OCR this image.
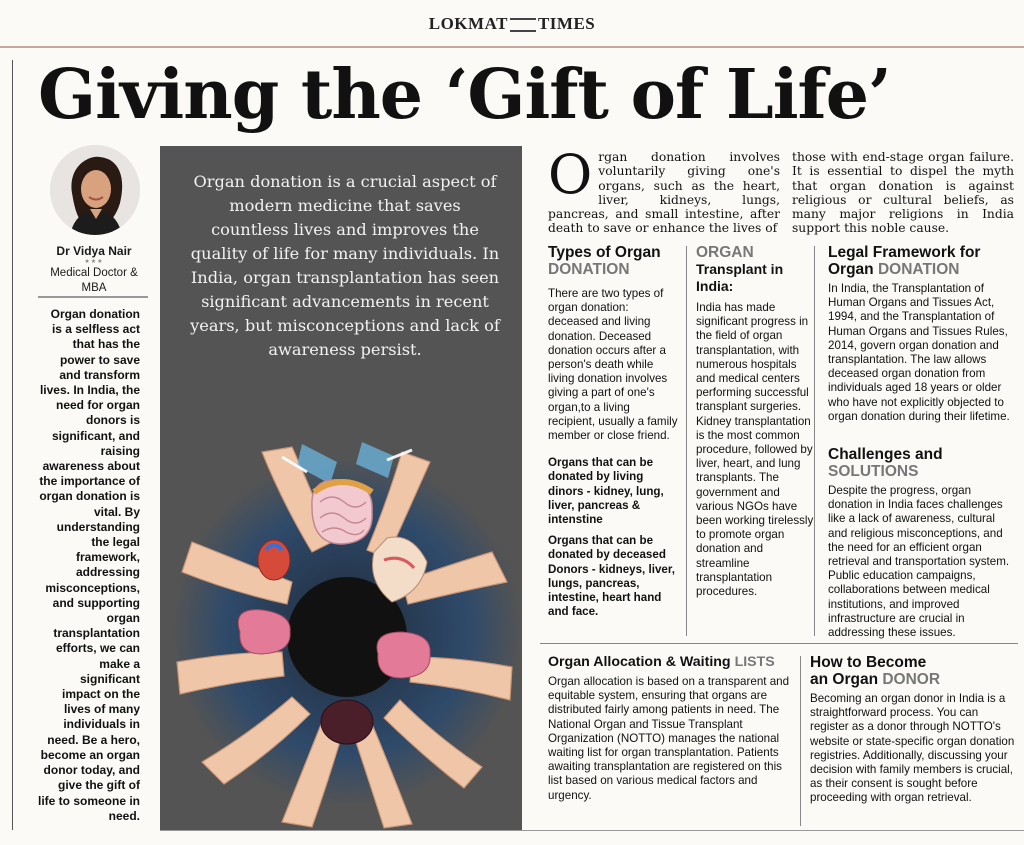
LOKMAT TIMES
Giving the ‘Gift of Life’
Dr Vidya Nair
★★★
Medical Doctor & MBA
Organ donation is a selfless act that has the power to save and transform lives. In India, the need for organ donors is significant, and raising awareness about the importance of organ donation is vital. By understanding the legal framework, addressing misconceptions, and supporting organ transplantation efforts, we can make a significant impact on the lives of many individuals in need. Be a hero, become an organ donor today, and give the gift of life to someone in need.
Organ donation is a crucial aspect of modern medicine that saves countless lives and improves the quality of life for many individuals. In India, organ transplantation has seen significant advancements in recent years, but misconceptions and lack of awareness persist.
Organ donation involves voluntarily giving one's organs, such as the heart, liver, kidneys, lungs, pancreas, and small intestine, after death to save or enhance the lives of
those with end-stage organ failure. It is essential to dispel the myth that organ donation is against religious or cultural beliefs, as many major religions in India support this noble cause.
Types of Organ
DONATION
There are two types of organ donation: deceased and living donation. Deceased donation occurs after a person's death while living donation involves giving a part of one's organ,to a living recipient, usually a family member or close friend.
Organs that can be donated by living dinors - kidney, lung, liver, pancreas & intenstine
Organs that can be donated by deceased Donors - kidneys, liver, lungs, pancreas, intestine, heart hand and face.
ORGAN
Transplant in India:
India has made significant progress in the field of organ transplantation, with numerous hospitals and medical centers performing successful transplant surgeries. Kidney transplantation is the most common procedure, followed by liver, heart, and lung transplants. The government and various NGOs have been working tirelessly to promote organ donation and streamline transplantation procedures.
Legal Framework for
Organ DONATION
In India, the Transplantation of Human Organs and Tissues Act, 1994, and the Transplantation of Human Organs and Tissues Rules, 2014, govern organ donation and transplantation. The law allows deceased organ donation from individuals aged 18 years or older who have not explicitly objected to organ donation during their lifetime.
Challenges and
SOLUTIONS
Despite the progress, organ donation in India faces challenges like a lack of awareness, cultural and religious misconceptions, and the need for an efficient organ retrieval and transportation system. Public education campaigns, collaborations between medical institutions, and improved infrastructure are crucial in addressing these issues.
Organ Allocation & Waiting LISTS
Organ allocation is based on a transparent and equitable system, ensuring that organs are distributed fairly among patients in need. The National Organ and Tissue Transplant Organization (NOTTO) manages the national waiting list for organ transplantation. Patients awaiting transplantation are registered on this list based on various medical factors and urgency.
How to Become
an Organ DONOR
Becoming an organ donor in India is a straightforward process. You can register as a donor through NOTTO's website or state-specific organ donation registries. Additionally, discussing your decision with family members is crucial, as their consent is sought before proceeding with organ retrieval.
